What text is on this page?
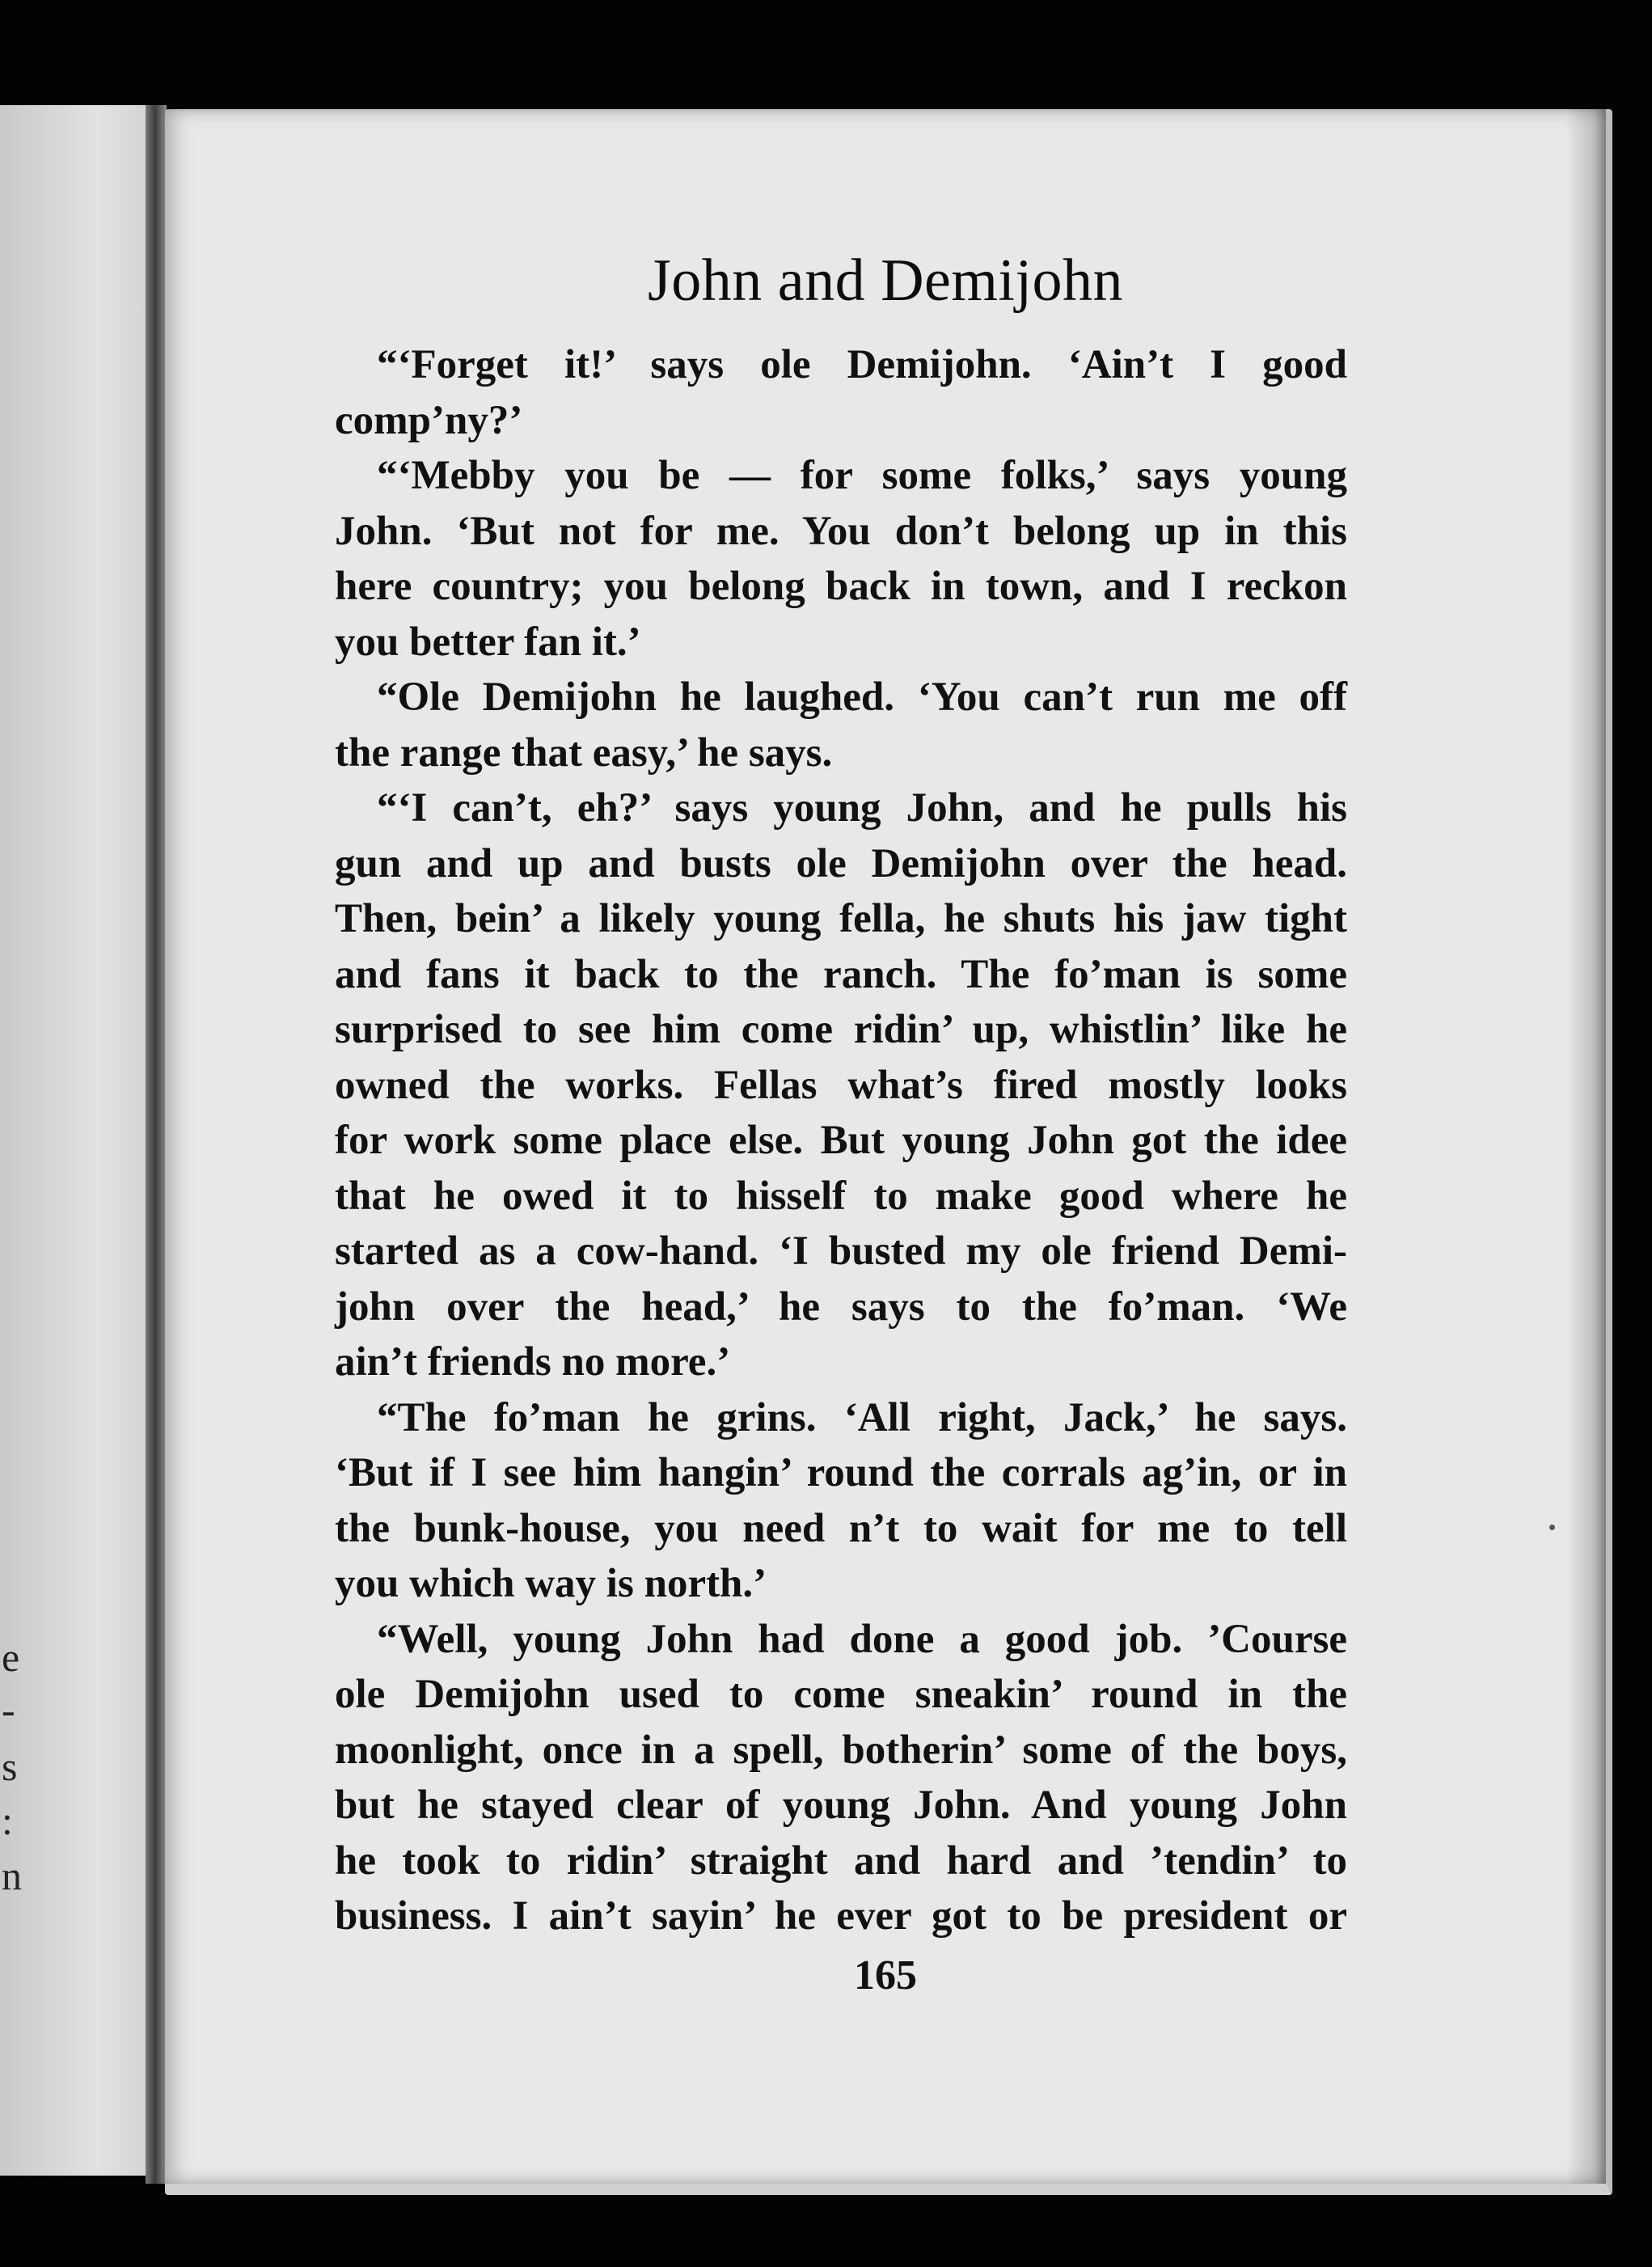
e
-
s
:
n
John and Demijohn
“‘Forget it!’ says ole Demijohn. ‘Ain’t I good
comp’ny?’
“‘Mebby you be — for some folks,’ says young
John. ‘But not for me. You don’t belong up in this
here country; you belong back in town, and I reckon
you better fan it.’
“Ole Demijohn he laughed. ‘You can’t run me off
the range that easy,’ he says.
“‘I can’t, eh?’ says young John, and he pulls his
gun and up and busts ole Demijohn over the head.
Then, bein’ a likely young fella, he shuts his jaw tight
and fans it back to the ranch. The fo’man is some
surprised to see him come ridin’ up, whistlin’ like he
owned the works. Fellas what’s fired mostly looks
for work some place else. But young John got the idee
that he owed it to hisself to make good where he
started as a cow-hand. ‘I busted my ole friend Demi-
john over the head,’ he says to the fo’man. ‘We
ain’t friends no more.’
“The fo’man he grins. ‘All right, Jack,’ he says.
‘But if I see him hangin’ round the corrals ag’in, or in
the bunk-house, you need n’t to wait for me to tell
you which way is north.’
“Well, young John had done a good job. ’Course
ole Demijohn used to come sneakin’ round in the
moonlight, once in a spell, botherin’ some of the boys,
but he stayed clear of young John. And young John
he took to ridin’ straight and hard and ’tendin’ to
business. I ain’t sayin’ he ever got to be president or
165
